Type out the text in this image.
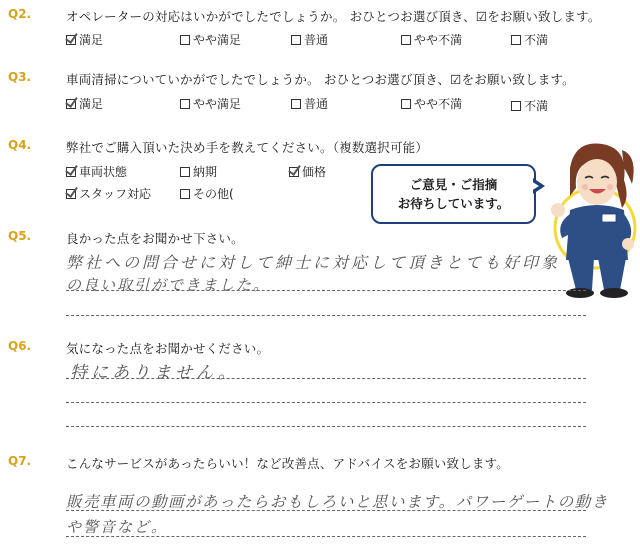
Q2.	オペレーターの対応はいかがでしたでしょうか。 おひとつお選び頂き、☑をお願い致します。
満足	やや満足	普通	やや不満	不満
Q3.	車両清掃についていかがでしたでしょうか。 おひとつお選び頂き、☑をお願い致します。
満足	やや満足	普通	やや不満	不満
Q4.	弊社でご購入頂いた決め手を教えてください。（複数選択可能）
車両状態	納期	価格
スタッフ対応	その他(
ご意見・ご指摘
お待ちしています。
Q5.	良かった点をお聞かせ下さい。
弊社への問合せに対して紳士に対応して頂きとても好印象
の良い取引ができました。
Q6.	気になった点をお聞かせください。
特にありません。
Q7.	こんなサービスがあったらいい！など改善点、アドバイスをお願い致します。
販売車両の動画があったらおもしろいと思います。パワーゲートの動き
や警音など。
